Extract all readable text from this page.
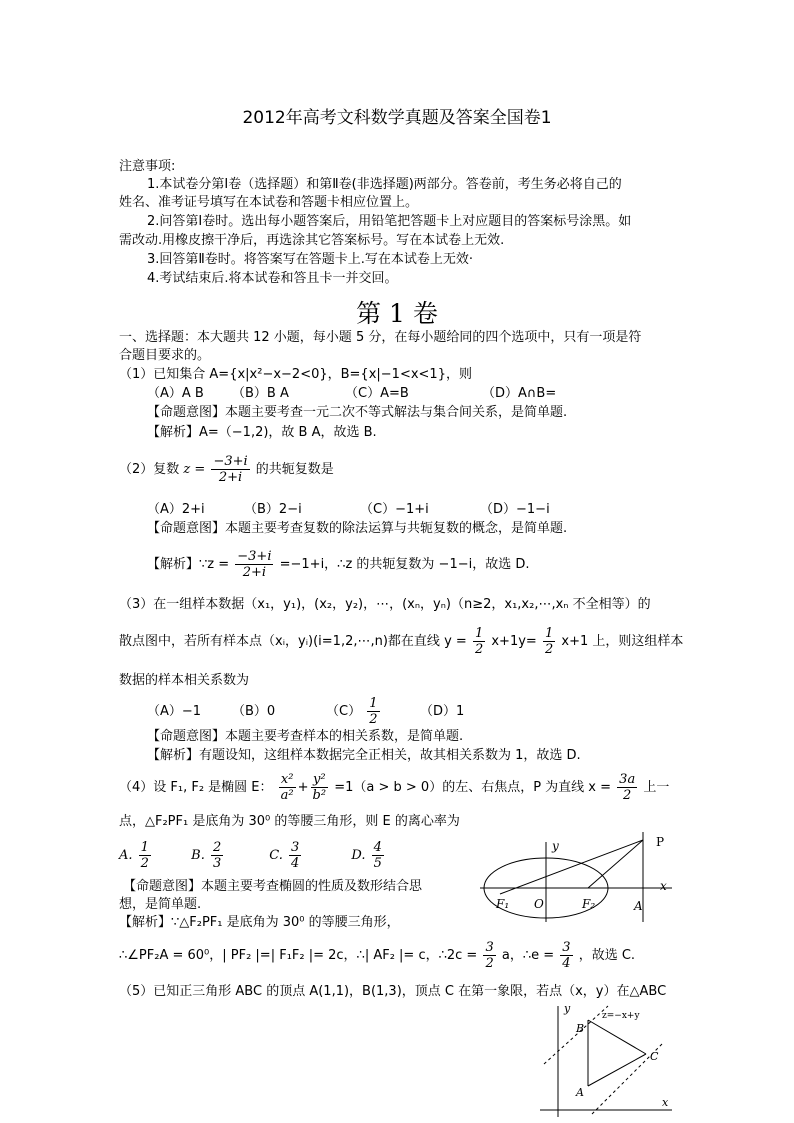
2012年高考文科数学真题及答案全国卷1
注意事项:
1.本试卷分第Ⅰ卷（选择题）和第Ⅱ卷(非选择题)两部分。答卷前，考生务必将自己的
姓名、准考证号填写在本试卷和答题卡相应位置上。
2.问答第Ⅰ卷时。选出每小题答案后，用铅笔把答题卡上对应题目的答案标号涂黑。如
需改动.用橡皮擦干净后，再选涂其它答案标号。写在本试卷上无效.
3.回答第Ⅱ卷时。将答案写在答题卡上.写在本试卷上无效·
4.考试结束后.将本试卷和答且卡一并交回。
第 1 卷
一、选择题：本大题共 12 小题，每小题 5 分，在每小题给同的四个选项中，只有一项是符
合题目要求的。
（1）已知集合 A={x|x²−x−2<0}，B={x|−1<x<1}，则
（A）A B （B）B A	（C）A=B	（D）A∩B=
【命题意图】本题主要考查一元二次不等式解法与集合间关系，是简单题.
【解析】A=（−1,2)，故 B A，故选 B.
（2）复数 $z = \frac{-3+i}{2+i}$ 的共轭复数是
（A）2+i	（B）2−i	（C）−1+i	（D）−1−i
【命题意图】本题主要考查复数的除法运算与共轭复数的概念，是简单题.
【解析】∵z = $\frac{-3+i}{2+i} =-1+i$，∴z 的共轭复数为 −1−i，故选 D.
（3）在一组样本数据（x₁，y₁)，(x₂，y₂)，⋯，(xₙ，yₙ)（n≥2，x₁,x₂,⋯,xₙ 不全相等）的
散点图中，若所有样本点（xᵢ，yᵢ)(i=1,2,⋯,n)都在直线 $y = \frac{1}{2} x+1y= \frac{1}{2} x+1$ 上，则这组样本
数据的样本相关系数为
（A）−1 （B）0	$(C) \frac{1}{2}$	（D）1
【命题意图】本题主要考查样本的相关系数，是简单题.
【解析】有题设知，这组样本数据完全正相关，故其相关系数为 1，故选 D.
（4）设 F₁, F₂ 是椭圆 E： $\frac{\text{x²}}{\text{a²}} + \frac{\text{y²}}{\text{b²}} =1(a > b > 0)$的左、右焦点，P 为直线 $x = \frac{3a}{2}$ 上一
点，△F₂PF₁ 是底角为 30⁰ 的等腰三角形，则 E 的离心率为
A. $\frac{1}{2}$	B. $\frac{2}{3}$	C. $\frac{3}{4}$	D. $\frac{4}{5}$
【命题意图】本题主要考查椭圆的性质及数形结合思
想，是简单题.
【解析】∵△F₂PF₁ 是底角为 30⁰ 的等腰三角形，
∴∠PF₂A = 60⁰，| PF₂ |=| F₁F₂ |= 2c，∴| AF₂ |= c，∴2c = $\frac{3}{2}$ a，∴e = $\frac{3}{4}$ ，故选 C.
P
y
x
F₁ O	F₂	A
（5）已知正三角形 ABC 的顶点 A(1,1)，B(1,3)，顶点 C 在第一象限，若点（x，y）在△ABC
y
x
B
A
C
z=−x+y
